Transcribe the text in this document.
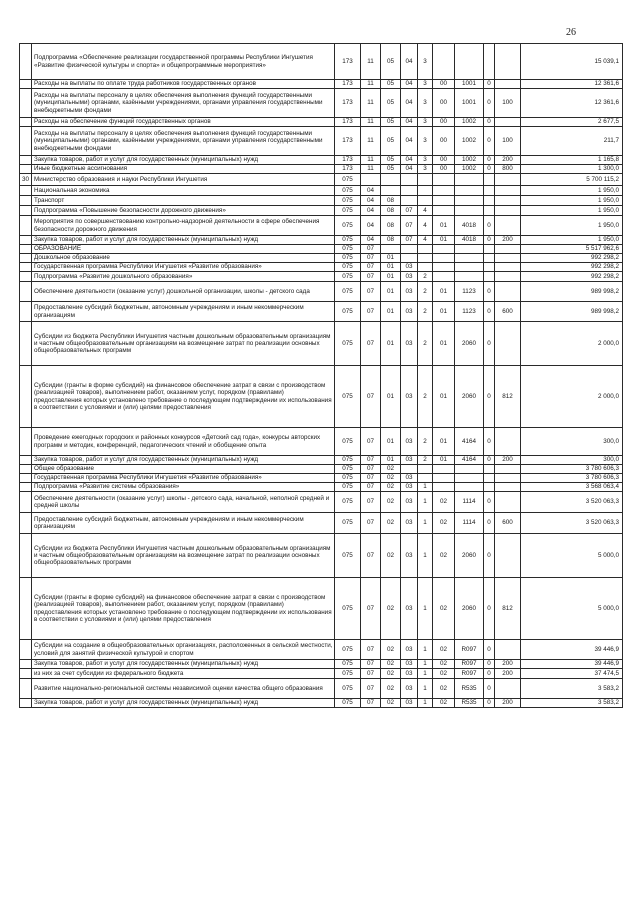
26
	Подпрограмма «Обеспечение реализации государственной программы Республики Ингушетия «Развитие физической культуры и спорта» и общепрограммные мероприятия»	173	11	05	04	3					15 039,1
	Расходы на выплаты по оплате труда работников государственных органов	173	11	05	04	3	00	1001	0		12 361,6
	Расходы на выплаты персоналу в целях обеспечения выполнения функций государственными (муниципальными) органами, казёнными учреждениями, органами управления государственными внебюджетными фондами	173	11	05	04	3	00	1001	0	100	12 361,6
	Расходы на обеспечение функций государственных органов	173	11	05	04	3	00	1002	0		2 677,5
	Расходы на выплаты персоналу в целях обеспечения выполнения функций государственными (муниципальными) органами, казёнными учреждениями, органами управления государственными внебюджетными фондами	173	11	05	04	3	00	1002	0	100	211,7
	Закупка товаров, работ и услуг для государственных (муниципальных) нужд	173	11	05	04	3	00	1002	0	200	1 165,8
	Иные бюджетные ассигнования	173	11	05	04	3	00	1002	0	800	1 300,0
30	Министерство образования и науки Республики Ингушетия	075									5 700 115,2
	Национальная экономика	075	04								1 950,0
	Транспорт	075	04	08							1 950,0
	Подпрограмма «Повышение безопасности дорожного движения»	075	04	08	07	4					1 950,0
	Мероприятия по совершенствованию контрольно-надзорной деятельности в сфере обеспечения безопасности дорожного движения	075	04	08	07	4	01	4018	0		1 950,0
	Закупка товаров, работ и услуг для государственных (муниципальных) нужд	075	04	08	07	4	01	4018	0	200	1 950,0
	ОБРАЗОВАНИЕ	075	07								5 517 962,6
	Дошкольное образование	075	07	01							992 298,2
	Государственная программа Республики Ингушетия «Развитие образования»	075	07	01	03						992 298,2
	Подпрограмма «Развитие дошкольного образования»	075	07	01	03	2					992 298,2
	Обеспечение деятельности (оказание услуг) дошкольной организации, школы - детского сада	075	07	01	03	2	01	1123	0		989 998,2
	Предоставление субсидий бюджетным, автономным учреждениям и иным некоммерческим организациям	075	07	01	03	2	01	1123	0	600	989 998,2
	Субсидии из бюджета Республики Ингушетия частным дошкольным образовательным организациям и частным общеобразовательным организациям на возмещение затрат по реализации основных общеобразовательных программ	075	07	01	03	2	01	2060	0		2 000,0
	Субсидии (гранты в форме субсидий) на финансовое обеспечение затрат в связи с производством (реализацией товаров), выполнением работ, оказанием услуг, порядком (правилами) предоставления которых установлено требование о последующем подтверждении их использования в соответствии с условиями и (или) целями предоставления	075	07	01	03	2	01	2060	0	812	2 000,0
	Проведение ежегодных городских и районных конкурсов «Детский сад года», конкурсы авторских программ и методик, конференций, педагогических чтений и обобщение опыта	075	07	01	03	2	01	4164	0		300,0
	Закупка товаров, работ и услуг для государственных (муниципальных) нужд	075	07	01	03	2	01	4164	0	200	300,0
	Общее образование	075	07	02							3 780 606,3
	Государственная программа Республики Ингушетия «Развитие образования»	075	07	02	03						3 780 606,3
	Подпрограмма «Развитие системы образования»	075	07	02	03	1					3 568 063,4
	Обеспечение деятельности (оказание услуг) школы - детского сада, начальной, неполной средней и средней школы	075	07	02	03	1	02	1114	0		3 520 063,3
	Предоставление субсидий бюджетным, автономным учреждениям и иным некоммерческим организациям	075	07	02	03	1	02	1114	0	600	3 520 063,3
	Субсидии из бюджета Республики Ингушетия частным дошкольным образовательным организациям и частным общеобразовательным организациям на возмещение затрат по реализации основных общеобразовательных программ	075	07	02	03	1	02	2060	0		5 000,0
	Субсидии (гранты в форме субсидий) на финансовое обеспечение затрат в связи с производством (реализацией товаров), выполнением работ, оказанием услуг, порядком (правилами) предоставления которых установлено требование о последующем подтверждении их использования в соответствии с условиями и (или) целями предоставления	075	07	02	03	1	02	2060	0	812	5 000,0
	Субсидии на создание в общеобразовательных организациях, расположенных в сельской местности, условий для занятий физической культурой и спортом	075	07	02	03	1	02	R097	0		39 446,9
	Закупка товаров, работ и услуг для государственных (муниципальных) нужд	075	07	02	03	1	02	R097	0	200	39 446,9
	из них за счет субсидии из федерального бюджета	075	07	02	03	1	02	R097	0	200	37 474,5
	Развитие национально-региональной системы независимой оценки качества общего образования	075	07	02	03	1	02	R535	0		3 583,2
	Закупка товаров, работ и услуг для государственных (муниципальных) нужд	075	07	02	03	1	02	R535	0	200	3 583,2
